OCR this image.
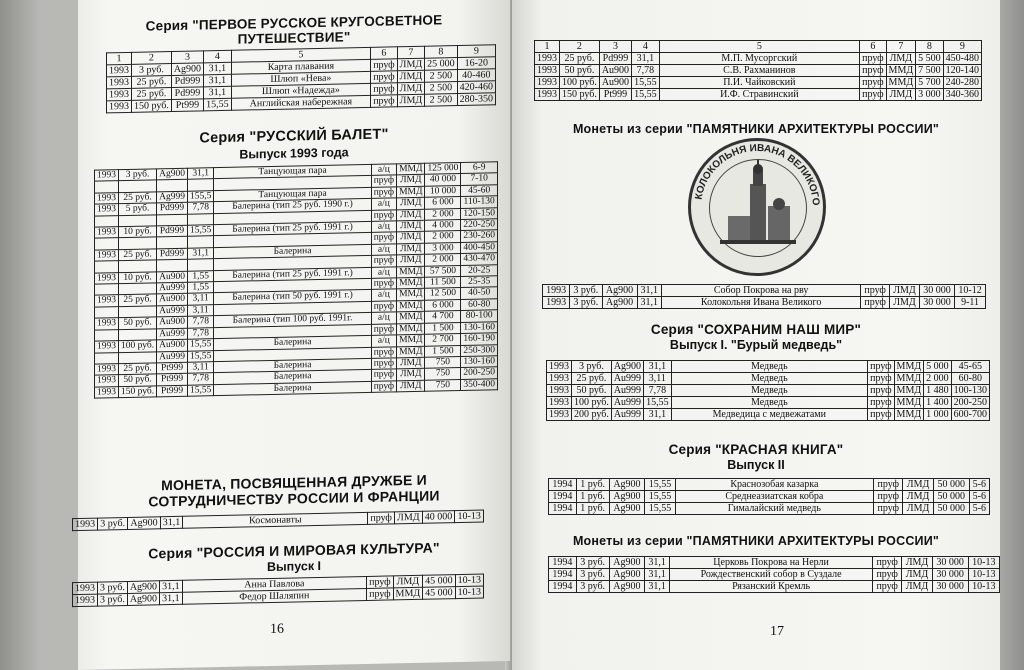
Серия "ПЕРВОЕ РУССКОЕ КРУГОСВЕТНОЕ
ПУТЕШЕСТВИЕ"
1	2	3	4	5	6	7	8	9
1993	3 руб.	Ag900	31,1	Карта плавания	пруф	ЛМД	25 000	16-20
1993	25 руб.	Pd999	31,1	Шлюп «Нева»	пруф	ЛМД	2 500	40-460
1993	25 руб.	Pd999	31,1	Шлюп «Надежда»	пруф	ЛМД	2 500	420-460
1993	150 руб.	Pt999	15,55	Английская набережная	пруф	ЛМД	2 500	280-350
Серия "РУССКИЙ БАЛЕТ"
Выпуск 1993 года
1993	3 руб.	Ag900	31,1	Танцующая пара	а/ц	ММД	125 000	6-9
					пруф	ЛМД	40 000	7-10
1993	25 руб.	Ag999	155,5	Танцующая пара	пруф	ММД	10 000	45-60
1993	5 руб.	Pd999	7,78	Балерина (тип 25 руб. 1990 г.)	а/ц	ЛМД	6 000	110-130
					пруф	ЛМД	2 000	120-150
1993	10 руб.	Pd999	15,55	Балерина (тип 25 руб. 1991 г.)	а/ц	ЛМД	4 000	220-250
					пруф	ЛМД	2 000	230-260
1993	25 руб.	Pd999	31,1	Балерина	а/ц	ЛМД	3 000	400-450
					пруф	ЛМД	2 000	430-470
1993	10 руб.	Au900	1,55	Балерина (тип 25 руб. 1991 г.)	а/ц	ММД	57 500	20-25
		Au999	1,55		пруф	ММД	11 500	25-35
1993	25 руб.	Au900	3,11	Балерина (тип 50 руб. 1991 г.)	а/ц	ММД	12 500	40-50
		Au999	3,11		пруф	ММД	6 000	60-80
1993	50 руб.	Au900	7,78	Балерина (тип 100 руб. 1991г.	а/ц	ММД	4 700	80-100
		Au999	7,78		пруф	ММД	1 500	130-160
1993	100 руб.	Au900	15,55	Балерина	а/ц	ММД	2 700	160-190
		Au999	15,55		пруф	ММД	1 500	250-300
1993	25 руб.	Pt999	3,11	Балерина	пруф	ЛМД	750	130-160
1993	50 руб.	Pt999	7,78	Балерина	пруф	ЛМД	750	200-250
1993	150 руб.	Pt999	15,55	Балерина	пруф	ЛМД	750	350-400
МОНЕТА, ПОСВЯЩЕННАЯ ДРУЖБЕ И
СОТРУДНИЧЕСТВУ РОССИИ И ФРАНЦИИ
1993	3 руб.	Ag900	31,1	Космонавты	пруф	ЛМД	40 000	10-13
Серия "РОССИЯ И МИРОВАЯ КУЛЬТУРА"
Выпуск I
1993	3 руб.	Ag900	31,1	Анна Павлова	пруф	ЛМД	45 000	10-13
1993	3 руб.	Ag900	31,1	Федор Шаляпин	пруф	ММД	45 000	10-13
16
1	2	3	4	5	6	7	8	9
1993	25 руб.	Pd999	31,1	М.П. Мусоргский	пруф	ЛМД	5 500	450-480
1993	50 руб.	Au900	7,78	С.В. Рахманинов	пруф	ММД	7 500	120-140
1993	100 руб.	Au900	15,55	П.И. Чайковский	пруф	ММД	5 700	240-280
1993	150 руб.	Pt999	15,55	И.Ф. Стравинский	пруф	ЛМД	3 000	340-360
Монеты из серии "ПАМЯТНИКИ АРХИТЕКТУРЫ РОССИИ"
КОЛОКОЛЬНЯ ИВАНА ВЕЛИКОГО
1993	3 руб.	Ag900	31,1	Собор Покрова на рву	пруф	ЛМД	30 000	10-12
1993	3 руб.	Ag900	31,1	Колокольня Ивана Великого	пруф	ЛМД	30 000	9-11
Серия "СОХРАНИМ НАШ МИР"
Выпуск I. "Бурый медведь"
1993	3 руб.	Ag900	31,1	Медведь	пруф	ММД	5 000	45-65
1993	25 руб.	Au999	3,11	Медведь	пруф	ММД	2 000	60-80
1993	50 руб.	Au999	7,78	Медведь	пруф	ММД	1 480	100-130
1993	100 руб.	Au999	15,55	Медведь	пруф	ММД	1 400	200-250
1993	200 руб.	Au999	31,1	Медведица с медвежатами	пруф	ММД	1 000	600-700
Серия "КРАСНАЯ КНИГА"
Выпуск II
1994	1 руб.	Ag900	15,55	Краснозобая казарка	пруф	ЛМД	50 000	5-6
1994	1 руб.	Ag900	15,55	Среднеазиатская кобра	пруф	ЛМД	50 000	5-6
1994	1 руб.	Ag900	15,55	Гималайский медведь	пруф	ЛМД	50 000	5-6
Монеты из серии "ПАМЯТНИКИ АРХИТЕКТУРЫ РОССИИ"
1994	3 руб.	Ag900	31,1	Церковь Покрова на Нерли	пруф	ЛМД	30 000	10-13
1994	3 руб.	Ag900	31,1	Рождественский собор в Суздале	пруф	ЛМД	30 000	10-13
1994	3 руб.	Ag900	31,1	Рязанский Кремль	пруф	ЛМД	30 000	10-13
17
